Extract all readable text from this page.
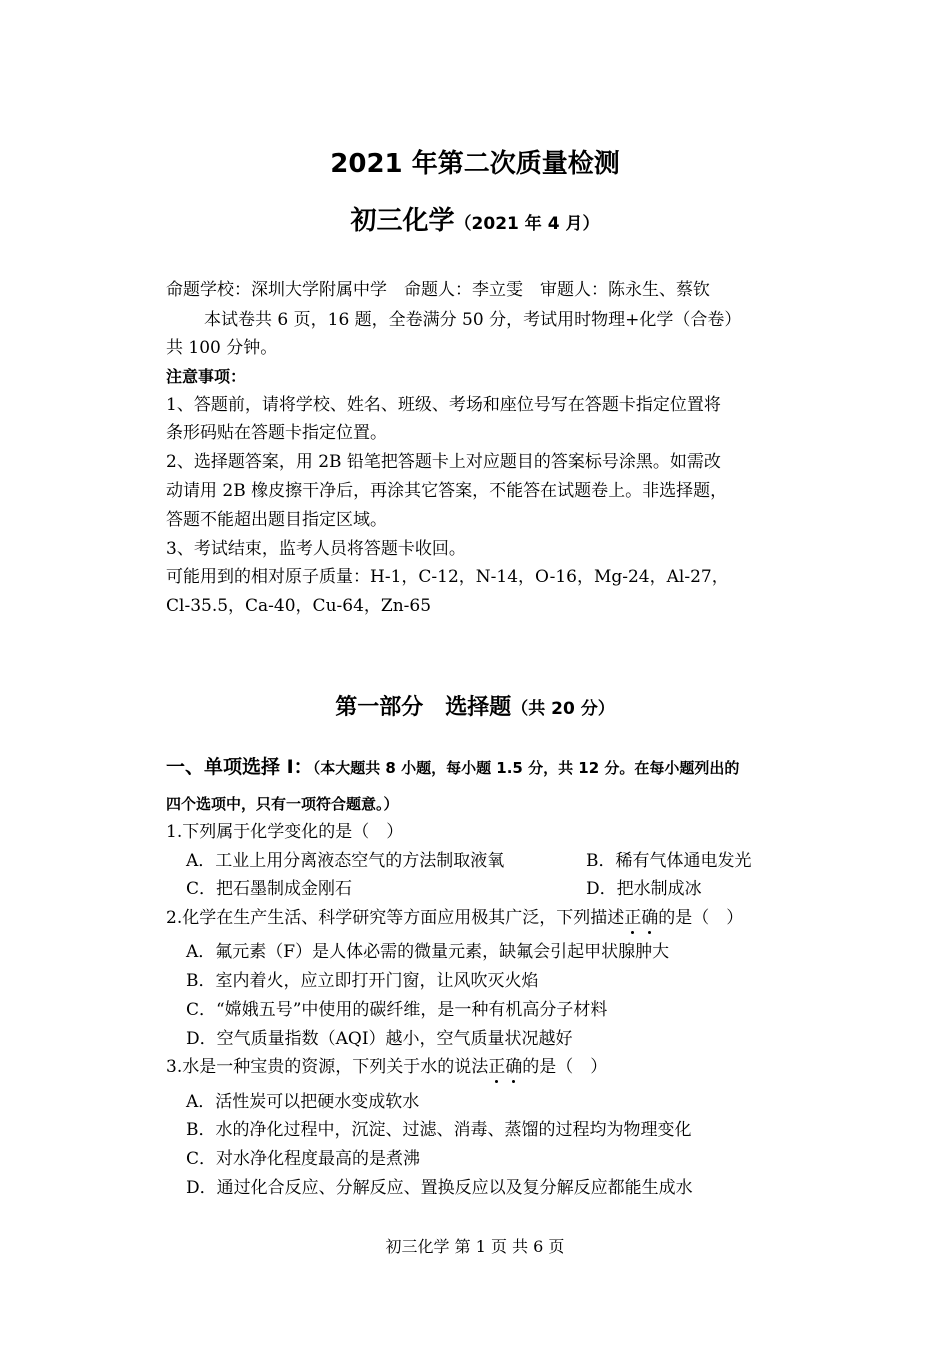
2021 年第二次质量检测
初三化学（2021 年 4 月）
命题学校：深圳大学附属中学　命题人：李立雯　审题人：陈永生、蔡钦
本试卷共 6 页，16 题，全卷满分 50 分，考试用时物理+化学（合卷）
共 100 分钟。
注意事项：
1、答题前，请将学校、姓名、班级、考场和座位号写在答题卡指定位置将
条形码贴在答题卡指定位置。
2、选择题答案，用 2B 铅笔把答题卡上对应题目的答案标号涂黑。如需改
动请用 2B 橡皮擦干净后，再涂其它答案，不能答在试题卷上。非选择题，
答题不能超出题目指定区域。
3、考试结束，监考人员将答题卡收回。
可能用到的相对原子质量：H-1，C-12，N-14，O-16，Mg-24，Al-27，
Cl-35.5，Ca-40，Cu-64，Zn-65
第一部分　选择题（共 20 分）
一、单项选择 I：（本大题共 8 小题，每小题 1.5 分，共 12 分。在每小题列出的
四个选项中，只有一项符合题意。）
1.下列属于化学变化的是（　）
A．工业上用分离液态空气的方法制取液氧	B．稀有气体通电发光
C．把石墨制成金刚石	D．把水制成冰
2.化学在生产生活、科学研究等方面应用极其广泛，下列描述正
确
的是（　）
A．氟元素（F）是人体必需的微量元素，缺氟会引起甲状腺肿大
B．室内着火，应立即打开门窗，让风吹灭火焰
C．“嫦娥五号”中使用的碳纤维，是一种有机高分子材料
D．空气质量指数（AQI）越小，空气质量状况越好
3.水是一种宝贵的资源，下列关于水的说法正
确
的是（　）
A．活性炭可以把硬水变成软水
B．水的净化过程中，沉淀、过滤、消毒、蒸馏的过程均为物理变化
C．对水净化程度最高的是煮沸
D．通过化合反应、分解反应、置换反应以及复分解反应都能生成水
初三化学 第 1 页 共 6 页
